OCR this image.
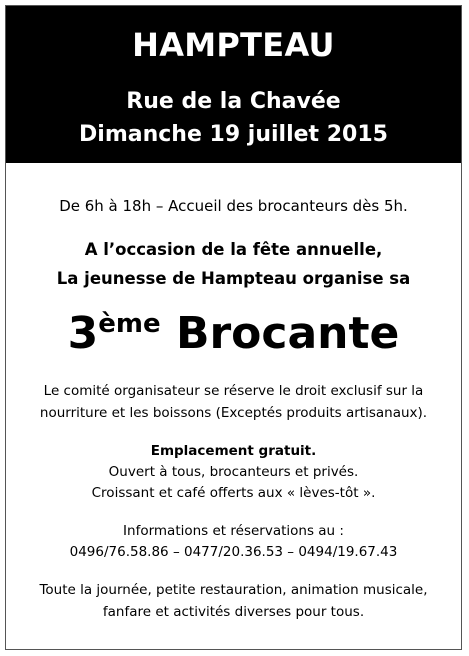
HAMPTEAU
Rue de la Chavée
Dimanche 19 juillet 2015
De 6h à 18h – Accueil des brocanteurs dès 5h.
A l’occasion de la fête annuelle,
La jeunesse de Hampteau organise sa
3ème Brocante
Le comité organisateur se réserve le droit exclusif sur la
nourriture et les boissons (Exceptés produits artisanaux).
Emplacement gratuit.
Ouvert à tous, brocanteurs et privés.
Croissant et café offerts aux « lèves-tôt ».
Informations et réservations au :
0496/76.58.86 – 0477/20.36.53 – 0494/19.67.43
Toute la journée, petite restauration, animation musicale,
fanfare et activités diverses pour tous.
